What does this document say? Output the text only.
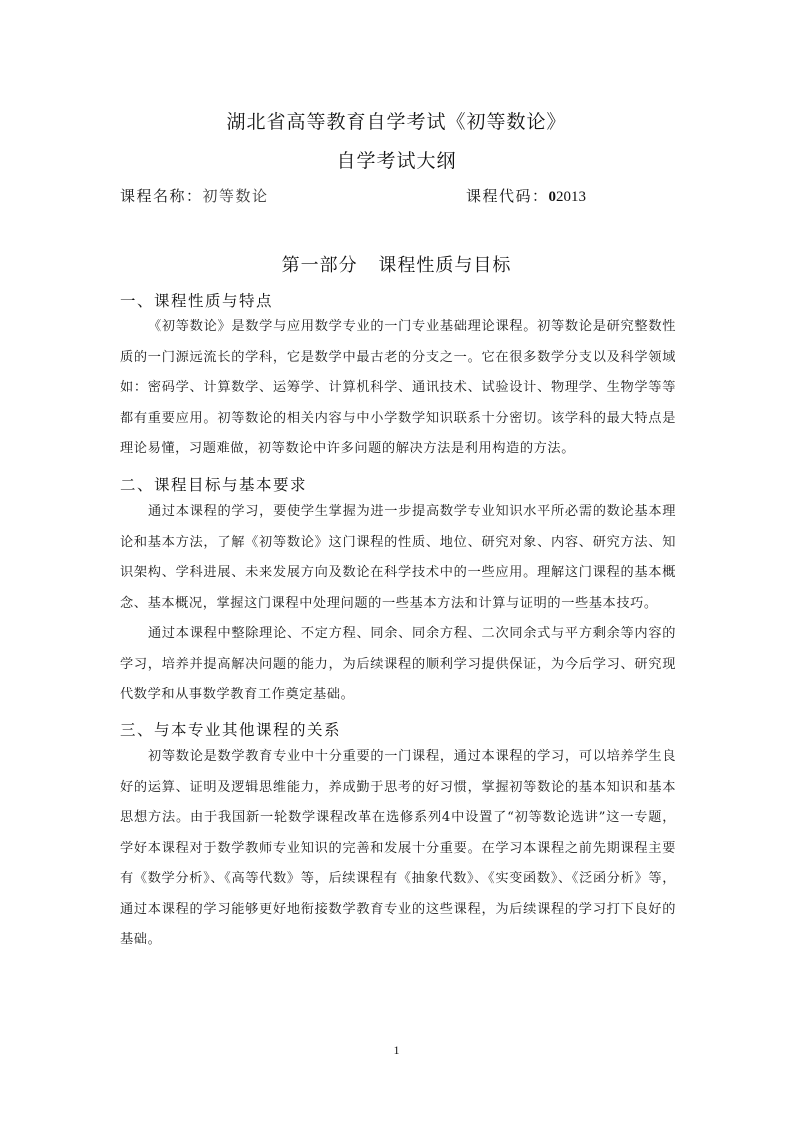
湖北省高等教育自学考试《初等数论》
自学考试大纲
课程名称：初等数论	课程代码：02013
第一部分 课程性质与目标
一、课程性质与特点
《初等数论》是数学与应用数学专业的一门专业基础理论课程。初等数论是研究整数性质的一门源远流长的学科，它是数学中最古老的分支之一。它在很多数学分支以及科学领域如：密码学、计算数学、运筹学、计算机科学、通讯技术、试验设计、物理学、生物学等等都有重要应用。初等数论的相关内容与中小学数学知识联系十分密切。该学科的最大特点是理论易懂，习题难做，初等数论中许多问题的解决方法是利用构造的方法。
二、课程目标与基本要求
通过本课程的学习，要使学生掌握为进一步提高数学专业知识水平所必需的数论基本理论和基本方法，了解《初等数论》这门课程的性质、地位、研究对象、内容、研究方法、知识架构、学科进展、未来发展方向及数论在科学技术中的一些应用。理解这门课程的基本概念、基本概况，掌握这门课程中处理问题的一些基本方法和计算与证明的一些基本技巧。
通过本课程中整除理论、不定方程、同余、同余方程、二次同余式与平方剩余等内容的学习，培养并提高解决问题的能力，为后续课程的顺利学习提供保证，为今后学习、研究现代数学和从事数学教育工作奠定基础。
三、与本专业其他课程的关系
初等数论是数学教育专业中十分重要的一门课程，通过本课程的学习，可以培养学生良好的运算、证明及逻辑思维能力，养成勤于思考的好习惯，掌握初等数论的基本知识和基本思想方法。由于我国新一轮数学课程改革在选修系列4中设置了“初等数论选讲”这一专题，学好本课程对于数学教师专业知识的完善和发展十分重要。在学习本课程之前先期课程主要有《数学分析》、《高等代数》等，后续课程有《抽象代数》、《实变函数》、《泛函分析》等，通过本课程的学习能够更好地衔接数学教育专业的这些课程，为后续课程的学习打下良好的基础。
1
